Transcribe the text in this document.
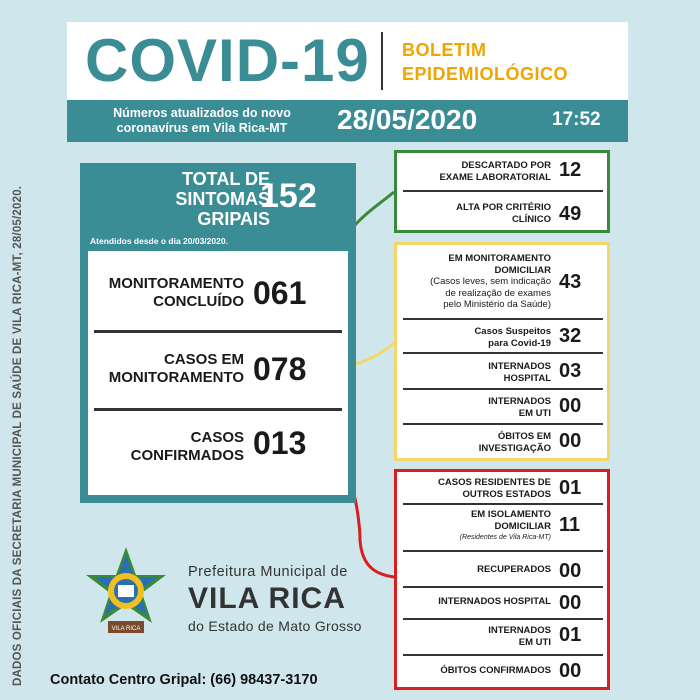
DADOS OFICIAIS DA SECRETARIA MUNICIPAL DE SAÚDE DE VILA RICA-MT, 28/05/2020.
COVID-19 BOLETIM
EPIDEMIOLÓGICO
Números atualizados do novo
coronavírus em Vila Rica-MT	28/05/2020	17:52
TOTAL DE
SINTOMAS
GRIPAIS
152
Atendidos desde o dia 20/03/2020.
MONITORAMENTO
CONCLUÍDO 061
CASOS EM
MONITORAMENTO 078
CASOS
CONFIRMADOS 013
DESCARTADO POR
EXAME LABORATORIAL 12
ALTA POR CRITÉRIO
CLÍNICO 49
EM MONITORAMENTO
DOMICILIAR
(Casos leves, sem indicação
de realização de exames
pelo Ministério da Saúde)
43
Casos Suspeitos
para Covid-19 32
INTERNADOS
HOSPITAL 03
INTERNADOS
EM UTI 00
ÓBITOS EM
INVESTIGAÇÃO 00
CASOS RESIDENTES DE
OUTROS ESTADOS 01
EM ISOLAMENTO
DOMICILIAR
(Residentes de Vila Rica-MT)
11
RECUPERADOS 00
INTERNADOS HOSPITAL 00
INTERNADOS
EM UTI 01
ÓBITOS CONFIRMADOS 00
VILA RICA
Prefeitura Municipal de
VILA RICA
do Estado de Mato Grosso
Contato Centro Gripal: (66) 98437-3170
